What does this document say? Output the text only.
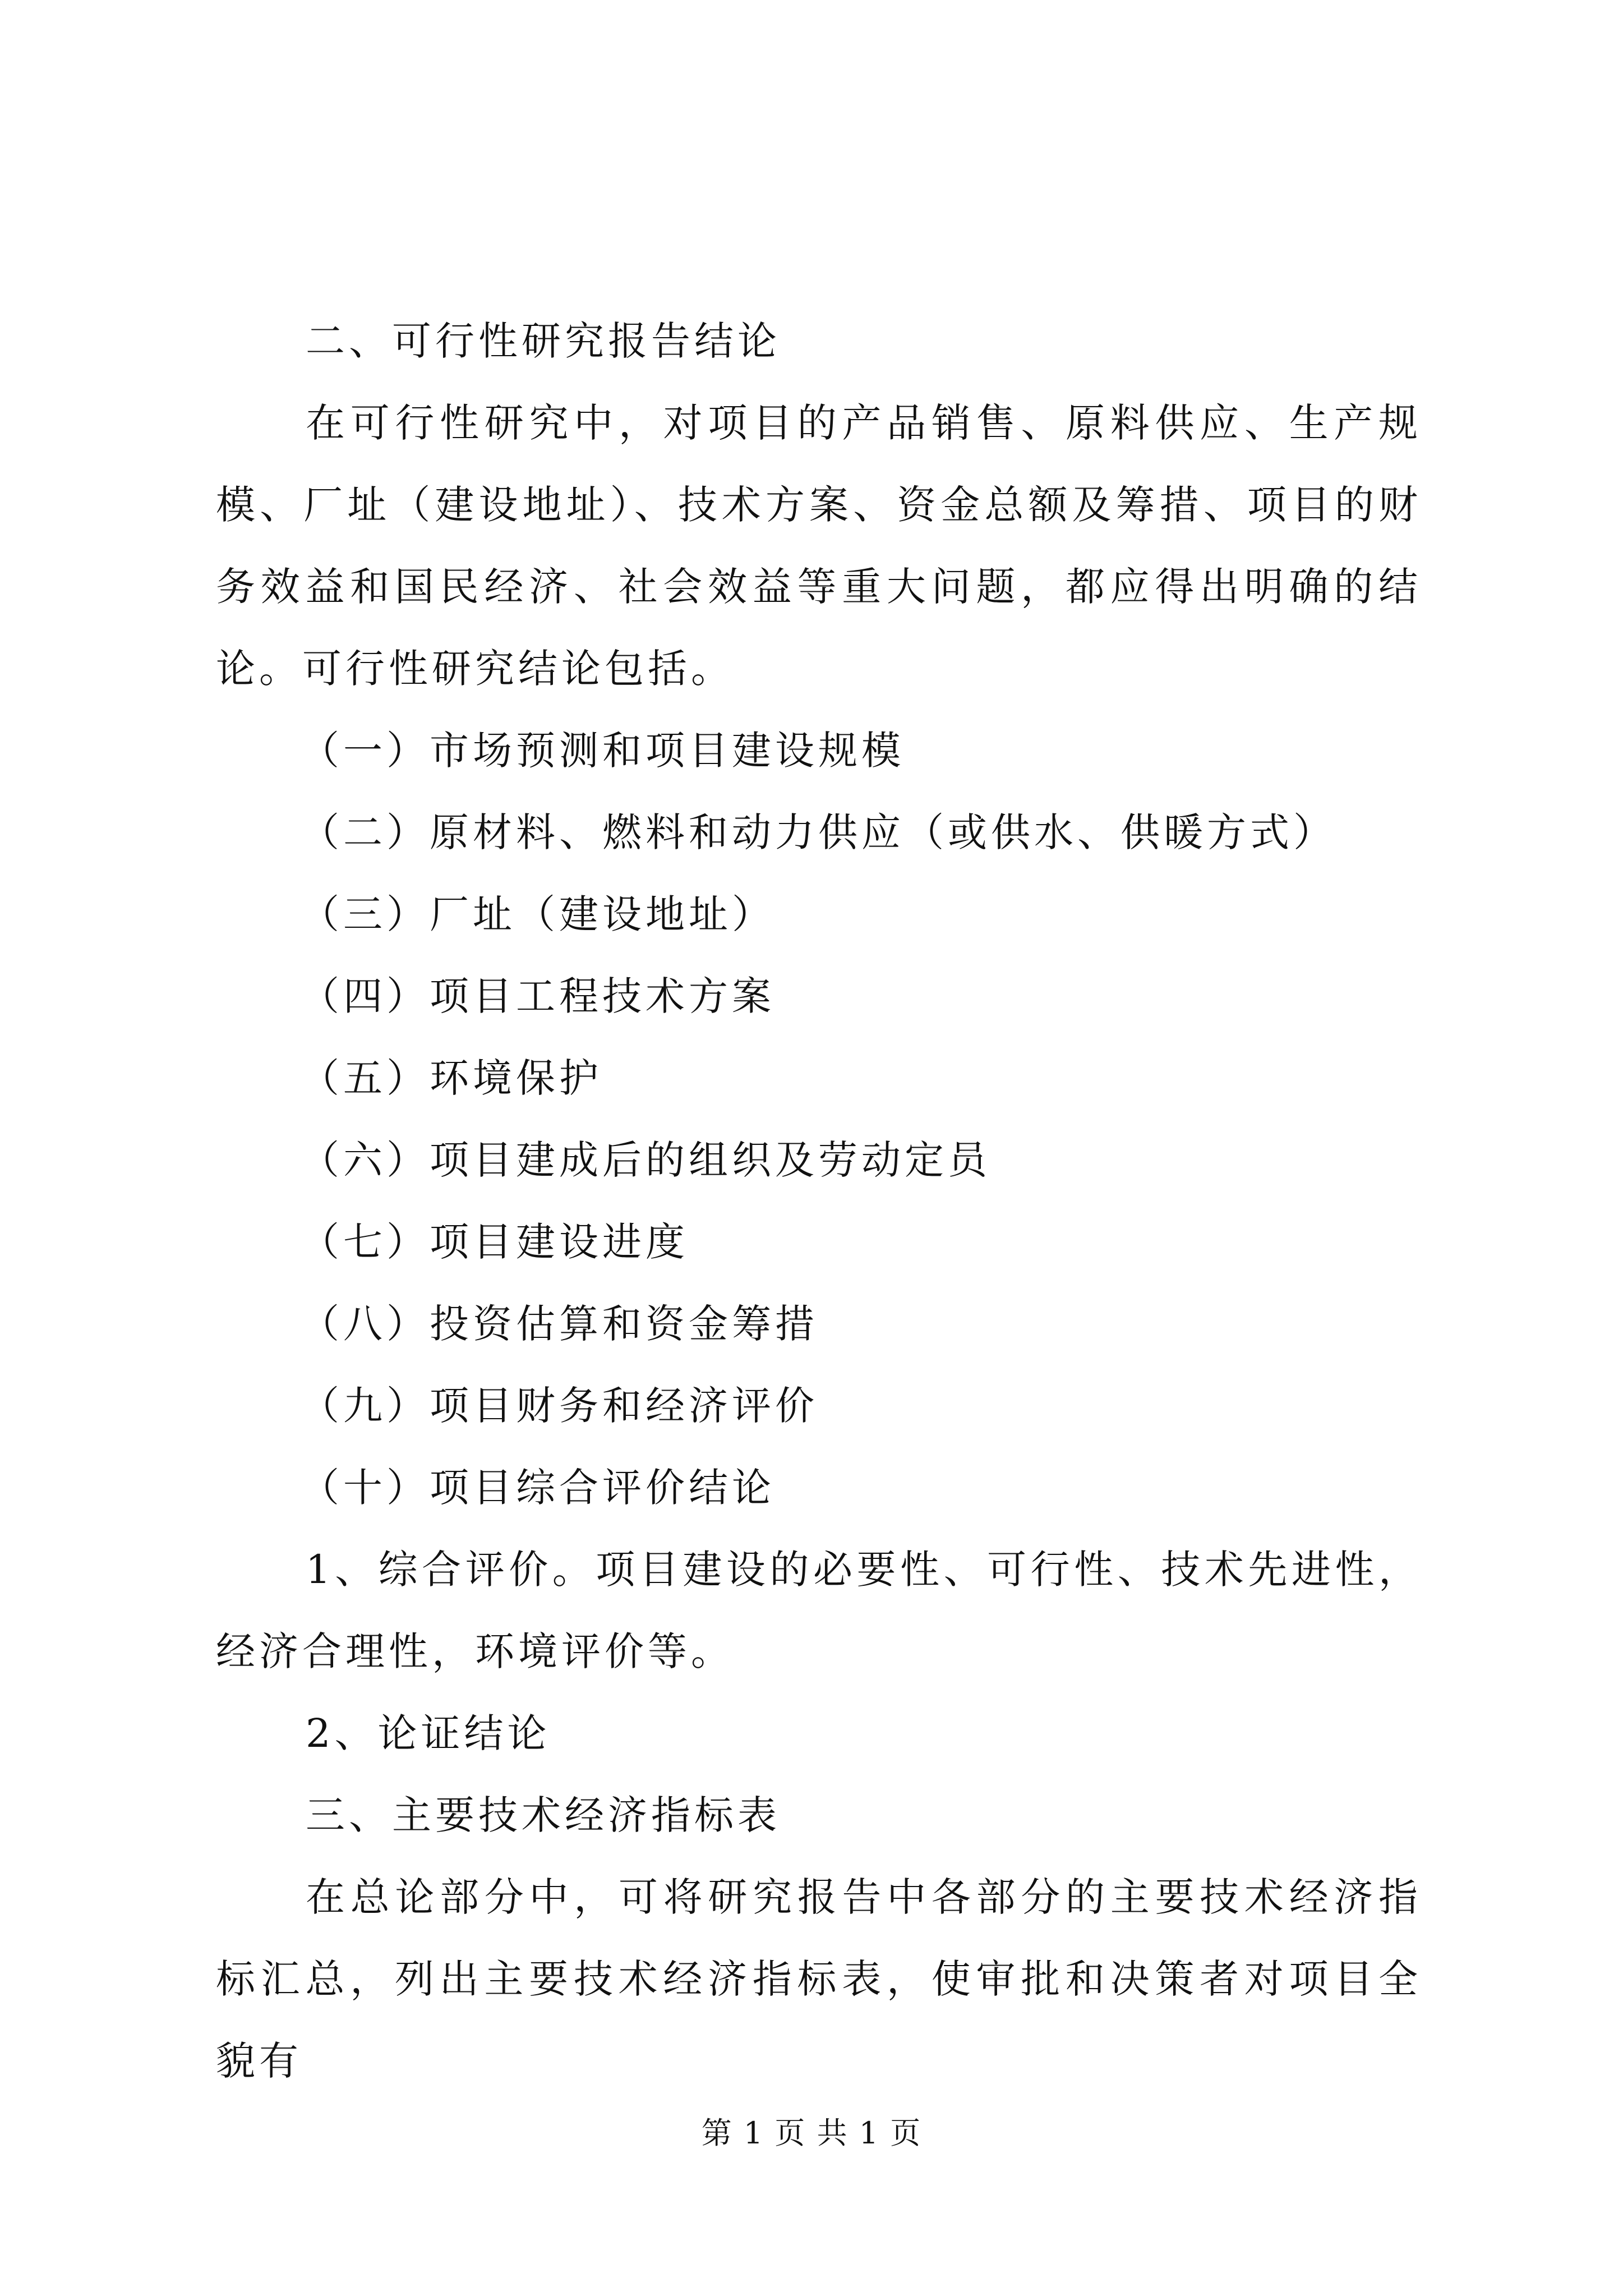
二、可行性研究报告结论

在可行性研究中，对项目的产品销售、原料供应、生产规模、厂址（建设地址）、技术方案、资金总额及筹措、项目的财务效益和国民经济、社会效益等重大问题，都应得出明确的结论。可行性研究结论包括。

（一）市场预测和项目建设规模

（二）原材料、燃料和动力供应（或供水、供暖方式）

（三）厂址（建设地址）

（四）项目工程技术方案

（五）环境保护

（六）项目建成后的组织及劳动定员

（七）项目建设进度

（八）投资估算和资金筹措

（九）项目财务和经济评价

（十）项目综合评价结论

1、综合评价。项目建设的必要性、可行性、技术先进性，经济合理性，环境评价等。

2、论证结论

三、主要技术经济指标表

在总论部分中，可将研究报告中各部分的主要技术经济指标汇总，列出主要技术经济指标表，使审批和决策者对项目全貌有

第 1 页 共 1 页
